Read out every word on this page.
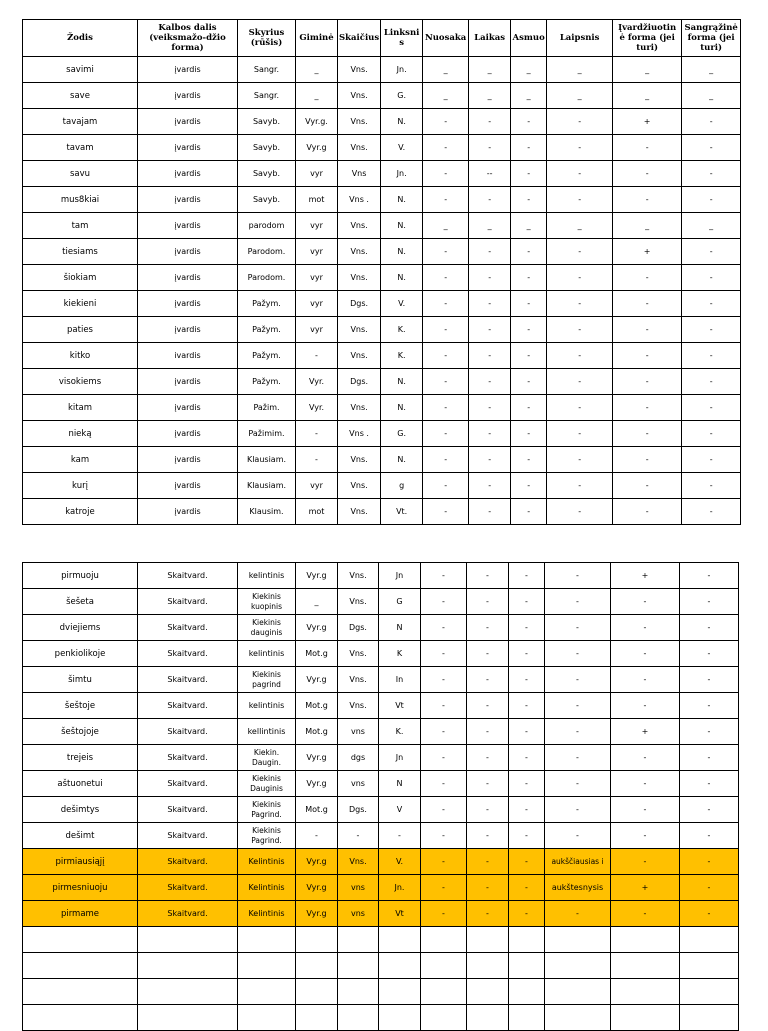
Žodis	Kalbos dalis (veiksmažo-džio forma)	Skyrius (rūšis)	Giminė	Skaičius	Linksni s	Nuosaka	Laikas	Asmuo	Laipsnis	Įvardžiuotin ė forma (jei turi)	Sangrąžinė forma (jei turi)
savimi	įvardis	Sangr.	_	Vns.	Jn.	_	_	_	_	_	_
save	įvardis	Sangr.	_	Vns.	G.	_	_	_	_	_	_
tavajam	įvardis	Savyb.	Vyr.g.	Vns.	N.	-	-	-	-	+	-
tavam	įvardis	Savyb.	Vyr.g	Vns.	V.	-	-	-	-	-	-
savu	įvardis	Savyb.	vyr	Vns	Jn.	-	--	-	-	-	-
mus8kiai	įvardis	Savyb.	mot	Vns .	N.	-	-	-	-	-	-
tam	įvardis	parodom	vyr	Vns.	N.	_	_	_	_	_	_
tiesiams	įvardis	Parodom.	vyr	Vns.	N.	-	-	-	-	+	-
šiokiam	įvardis	Parodom.	vyr	Vns.	N.	-	-	-	-	-	-
kiekieni	įvardis	Pažym.	vyr	Dgs.	V.	-	-	-	-	-	-
paties	įvardis	Pažym.	vyr	Vns.	K.	-	-	-	-	-	-
kitko	ivardis	Pažym.	-	Vns.	K.	-	-	-	-	-	-
visokiems	įvardis	Pažym.	Vyr.	Dgs.	N.	-	-	-	-	-	-
kitam	įvardis	Pažim.	Vyr.	Vns.	N.	-	-	-	-	-	-
nieką	įvardis	Pažimim.	-	Vns .	G.	-	-	-	-	-	-
kam	įvardis	Klausiam.	-	Vns.	N.	-	-	-	-	-	-
kurį	įvardis	Klausiam.	vyr	Vns.	g	-	-	-	-	-	-
katroje	įvardis	Klausim.	mot	Vns.	Vt.	-	-	-	-	-	-
pirmuoju	Skaitvard.	kelintinis	Vyr.g	Vns.	Jn	-	-	-	-	+	-
šešeta	Skaitvard.	Kiekinis kuopinis	_	Vns.	G	-	-	-	-	-	-
dviejiems	Skaitvard.	Kiekinis dauginis	Vyr.g	Dgs.	N	-	-	-	-	-	-
penkiolikoje	Skaitvard.	kelintinis	Mot.g	Vns.	K	-	-	-	-	-	-
šimtu	Skaitvard.	Kiekinis pagrind	Vyr.g	Vns.	In	-	-	-	-	-	-
šeštoje	Skaitvard.	kelintinis	Mot.g	Vns.	Vt	-	-	-	-	-	-
šeštojoje	Skaitvard.	kellintinis	Mot.g	vns	K.	-	-	-	-	+	-
trejeis	Skaitvard.	Kiekin. Daugin.	Vyr.g	dgs	Jn	-	-	-	-	-	-
aštuonetui	Skaitvard.	Kiekinis Dauginis	Vyr.g	vns	N	-	-	-	-	-	-
dešimtys	Skaitvard.	Kiekinis Pagrind.	Mot.g	Dgs.	V	-	-	-	-	-	-
dešimt	Skaitvard.	Kiekinis Pagrind.	-	-	-	-	-	-	-	-	-
pirmiausiąjį	Skaitvard.	Kelintinis	Vyr.g	Vns.	V.	-	-	-	aukščiausias i	-	-
pirmesniuoju	Skaitvard.	Kelintinis	Vyr.g	vns	Jn.	-	-	-	aukštesnysis	+	-
pirmame	Skaitvard.	Kelintinis	Vyr.g	vns	Vt	-	-	-	-	-	-
